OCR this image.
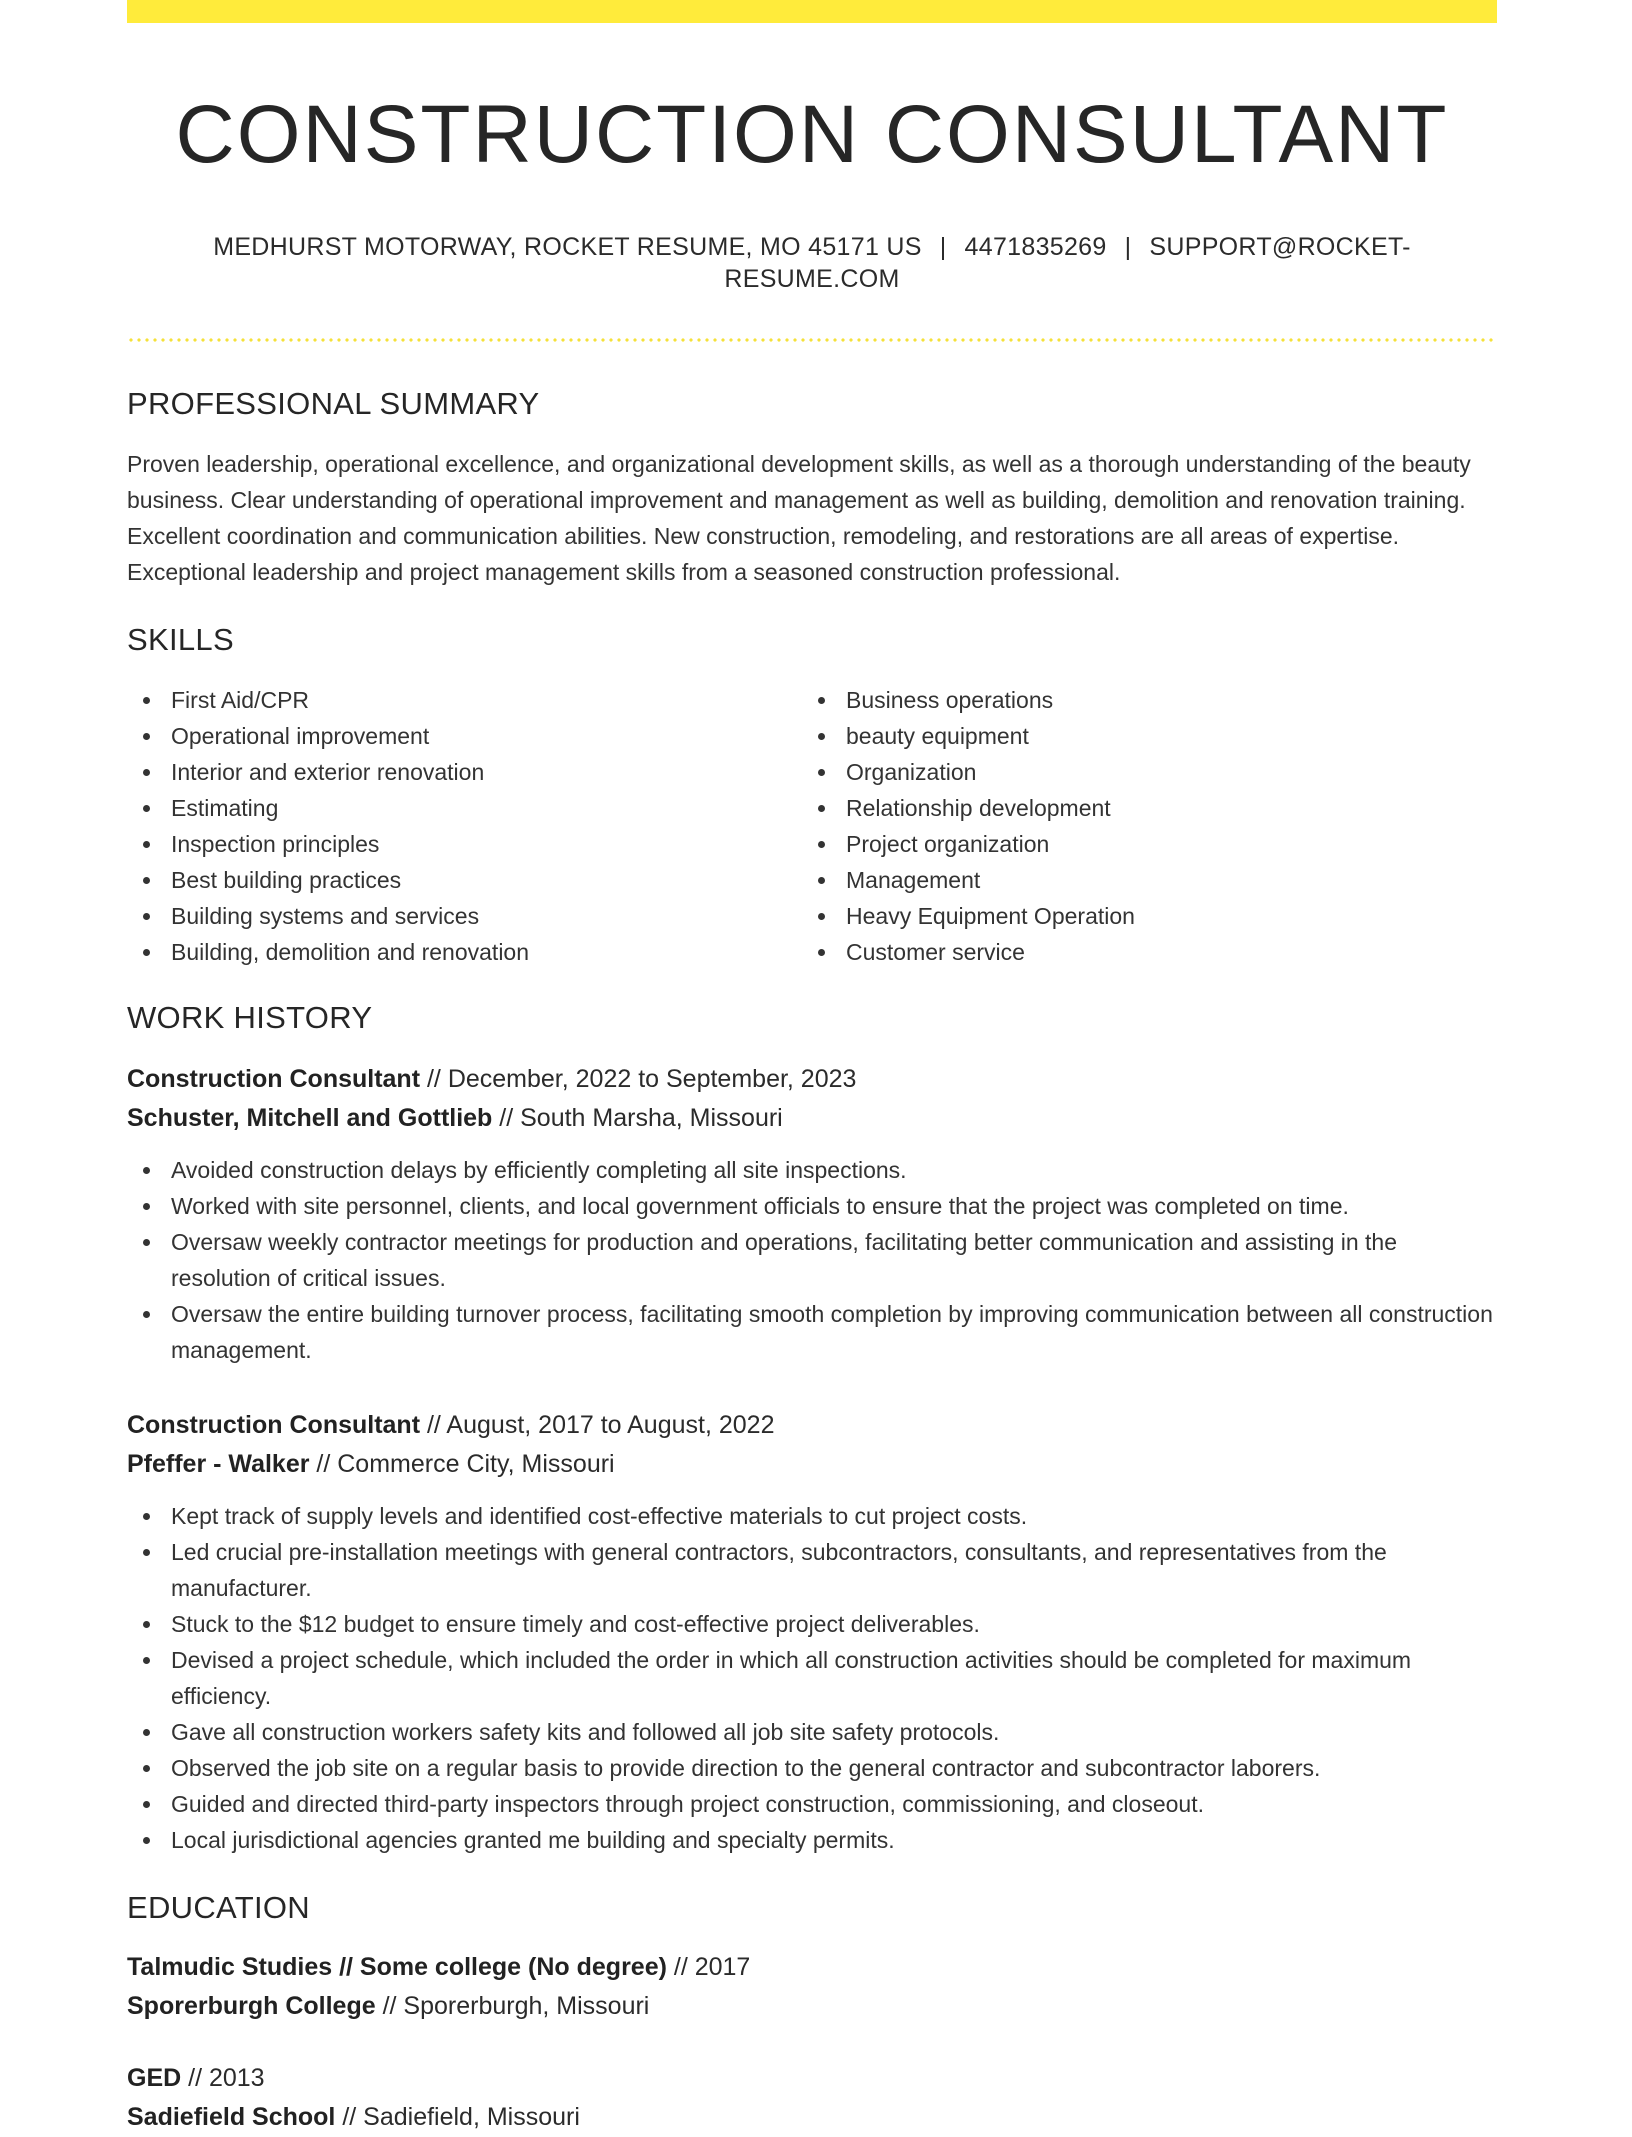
CONSTRUCTION CONSULTANT
MEDHURST MOTORWAY, ROCKET RESUME, MO 45171 US | 4471835269 | SUPPORT@ROCKET-RESUME.COM
PROFESSIONAL SUMMARY

Proven leadership, operational excellence, and organizational development skills, as well as a thorough understanding of the beauty business. Clear understanding of operational improvement and management as well as building, demolition and renovation training. Excellent coordination and communication abilities. New construction, remodeling, and restorations are all areas of expertise. Exceptional leadership and project management skills from a seasoned construction professional.

SKILLS
First Aid/CPR
Operational improvement
Interior and exterior renovation
Estimating
Inspection principles
Best building practices
Building systems and services
Building, demolition and renovation
Business operations
beauty equipment
Organization
Relationship development
Project organization
Management
Heavy Equipment Operation
Customer service
WORK HISTORY
Construction Consultant // December, 2022 to September, 2023
Schuster, Mitchell and Gottlieb // South Marsha, Missouri
Avoided construction delays by efficiently completing all site inspections.
Worked with site personnel, clients, and local government officials to ensure that the project was completed on time.
Oversaw weekly contractor meetings for production and operations, facilitating better communication and assisting in the resolution of critical issues.
Oversaw the entire building turnover process, facilitating smooth completion by improving communication between all construction management.
Construction Consultant // August, 2017 to August, 2022
Pfeffer - Walker // Commerce City, Missouri
Kept track of supply levels and identified cost-effective materials to cut project costs.
Led crucial pre-installation meetings with general contractors, subcontractors, consultants, and representatives from the manufacturer.
Stuck to the $12 budget to ensure timely and cost-effective project deliverables.
Devised a project schedule, which included the order in which all construction activities should be completed for maximum efficiency.
Gave all construction workers safety kits and followed all job site safety protocols.
Observed the job site on a regular basis to provide direction to the general contractor and subcontractor laborers.
Guided and directed third-party inspectors through project construction, commissioning, and closeout.
Local jurisdictional agencies granted me building and specialty permits.
EDUCATION
Talmudic Studies // Some college (No degree) // 2017
Sporerburgh College // Sporerburgh, Missouri
GED // 2013
Sadiefield School // Sadiefield, Missouri
